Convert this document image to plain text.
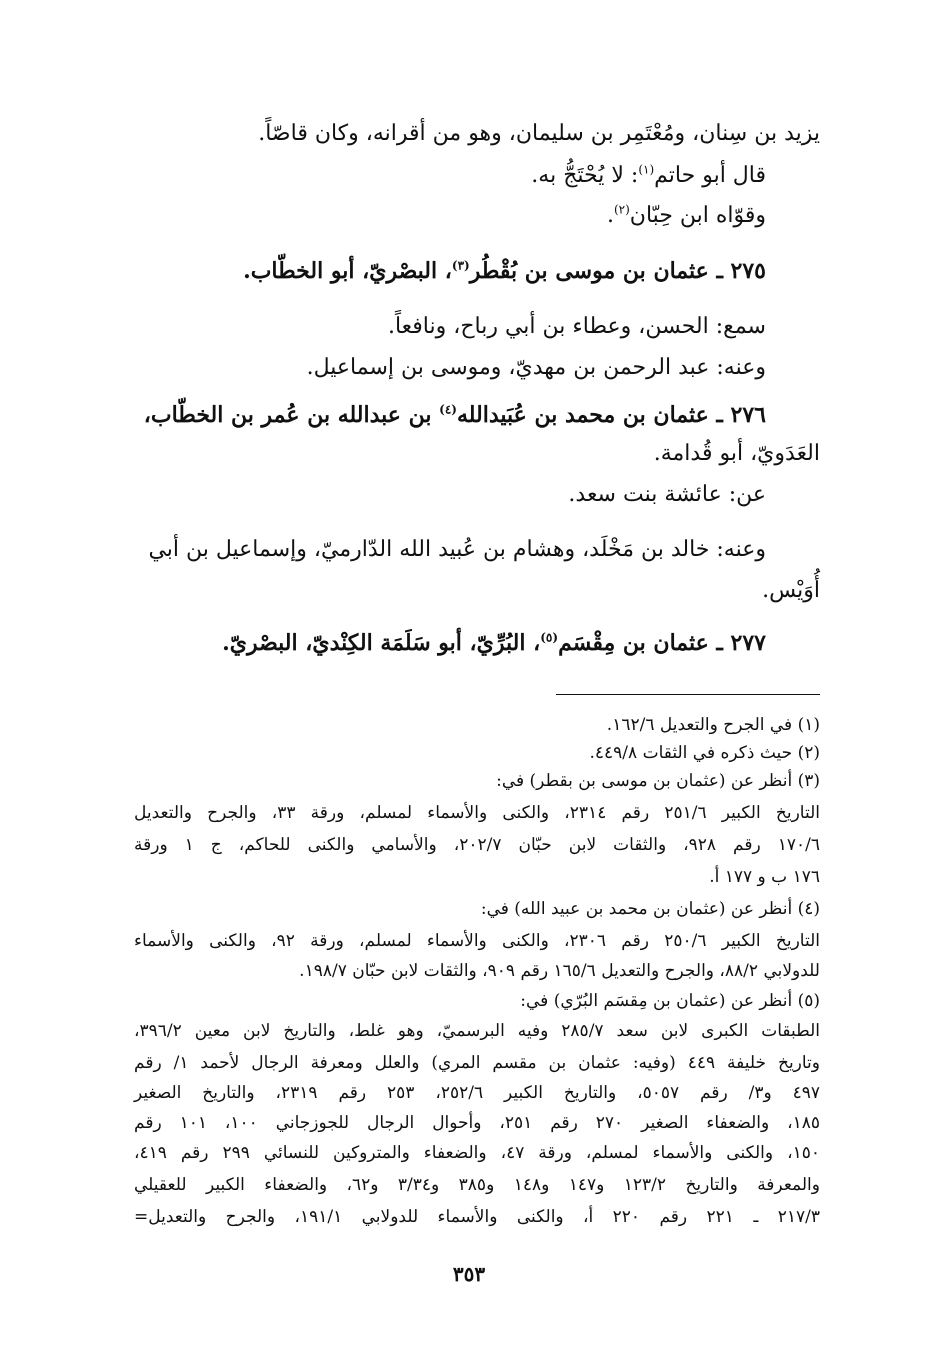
يزيد بن سِنان، ومُعْتَمِر بن سليمان، وهو من أقرانه، وكان قاصّاً.
قال أبو حاتم$^{(١)}$: لا يُحْتَجُّ به.
وقوّاه ابن حِبّان$^{(٢)}$.
٢٧٥ ـ عثمان بن موسى بن بُقْطُر$^{(٣)}$، البصْريّ، أبو الخطّاب.
سمع: الحسن، وعطاء بن أبي رباح، ونافعاً.
وعنه: عبد الرحمن بن مهديّ، وموسى بن إسماعيل.
٢٧٦ ـ عثمان بن محمد بن عُبَيدالله$^{(٤)}$ بن عبدالله بن عُمر بن الخطّاب،
العَدَويّ، أبو قُدامة.
عن: عائشة بنت سعد.
وعنه: خالد بن مَخْلَد، وهشام بن عُبيد الله الدّارميّ، وإسماعيل بن أبي
أُوَيْس.
٢٧٧ ـ عثمان بن مِقْسَم$^{(٥)}$، البُرِّيّ، أبو سَلَمَة الكِنْديّ، البصْريّ.
(١) في الجرح والتعديل ١٦٢/٦.
(٢) حيث ذكره في الثقات ٤٤٩/٨.
(٣) أنظر عن (عثمان بن موسى بن بقطر) في:
التاريخ الكبير ٢٥١/٦ رقم ٢٣١٤، والكنى والأسماء لمسلم، ورقة ٣٣، والجرح والتعديل
١٧٠/٦ رقم ٩٢٨، والثقات لابن حبّان ٢٠٢/٧، والأسامي والكنى للحاكم، ج ١ ورقة
١٧٦ ب و ١٧٧ أ.
(٤) أنظر عن (عثمان بن محمد بن عبيد الله) في:
التاريخ الكبير ٢٥٠/٦ رقم ٢٣٠٦، والكنى والأسماء لمسلم، ورقة ٩٢، والكنى والأسماء
للدولابي ٨٨/٢، والجرح والتعديل ١٦٥/٦ رقم ٩٠٩، والثقات لابن حبّان ١٩٨/٧.
(٥) أنظر عن (عثمان بن مِقسَم البُرّي) في:
الطبقات الكبرى لابن سعد ٢٨٥/٧ وفيه البرسميّ، وهو غلط، والتاريخ لابن معين ٣٩٦/٢،
وتاريخ خليفة ٤٤٩ (وفيه: عثمان بن مقسم المري) والعلل ومعرفة الرجال لأحمد ١/ رقم
٤٩٧ و٣/ رقم ٥٠٥٧، والتاريخ الكبير ٢٥٢/٦، ٢٥٣ رقم ٢٣١٩، والتاريخ الصغير
١٨٥، والضعفاء الصغير ٢٧٠ رقم ٢٥١، وأحوال الرجال للجوزجاني ١٠٠، ١٠١ رقم
١٥٠، والكنى والأسماء لمسلم، ورقة ٤٧، والضعفاء والمتروكين للنسائي ٢٩٩ رقم ٤١٩،
والمعرفة والتاريخ ١٢٣/٢ و١٤٧ و١٤٨ و٣٨٥ و٣/٣٤ و٦٢، والضعفاء الكبير للعقيلي
٢١٧/٣ ـ ٢٢١ رقم ٢٢٠ أ، والكنى والأسماء للدولابي ١٩١/١، والجرح والتعديل=
٣٥٣
